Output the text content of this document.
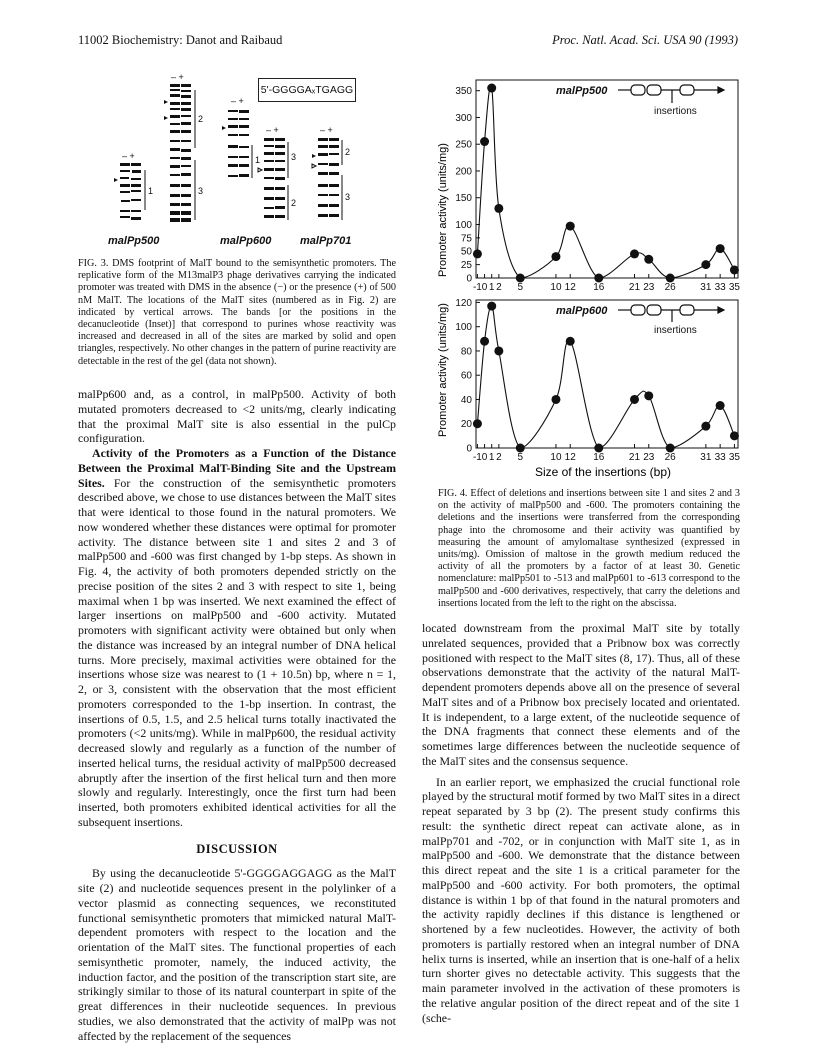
11002 Biochemistry: Danot and Raibaud	Proc. Natl. Acad. Sci. USA 90 (1993)
– +
1
– +
2
3
– +
1
– +
3
2
– +
2
3
5'-GGGGAₓTGAGG
malPp500	malPp600	malPp701

FIG. 3. DMS footprint of MalT bound to the semisynthetic promoters. The replicative form of the M13malP3 phage derivatives carrying the indicated promoter was treated with DMS in the absence (−) or the presence (+) of 500 nM MalT. The locations of the MalT sites (numbered as in Fig. 2) are indicated by vertical arrows. The bands [or the positions in the decanucleotide (Inset)] that correspond to purines whose reactivity was increased and decreased in all of the sites are marked by solid and open triangles, respectively. No other changes in the pattern of purine reactivity are detectable in the rest of the gel (data not shown).

malPp600 and, as a control, in malPp500. Activity of both mutated promoters decreased to <2 units/mg, clearly indicating that the proximal MalT site is also essential in the pulCp configuration.

Activity of the Promoters as a Function of the Distance Between the Proximal MalT-Binding Site and the Upstream Sites. For the construction of the semisynthetic promoters described above, we chose to use distances between the MalT sites that were identical to those found in the natural promoters. We now wondered whether these distances were optimal for promoter activity. The distance between site 1 and sites 2 and 3 of malPp500 and -600 was first changed by 1-bp steps. As shown in Fig. 4, the activity of both promoters depended strictly on the precise position of the sites 2 and 3 with respect to site 1, being maximal when 1 bp was inserted. We next examined the effect of larger insertions on malPp500 and -600 activity. Mutated promoters with significant activity were obtained but only when the distance was increased by an integral number of DNA helical turns. More precisely, maximal activities were obtained for the insertions whose size was nearest to (1 + 10.5n) bp, where n = 1, 2, or 3, consistent with the observation that the most efficient promoters corresponded to the 1-bp insertion. In contrast, the insertions of 0.5, 1.5, and 2.5 helical turns totally inactivated the promoters (<2 units/mg). While in malPp600, the residual activity decreased slowly and regularly as a function of the number of inserted helical turns, the residual activity of malPp500 decreased abruptly after the insertion of the first helical turn and then more slowly and regularly. Interestingly, once the first turn had been inserted, both promoters exhibited identical activities for all the subsequent insertions.

DISCUSSION

By using the decanucleotide 5'-GGGGAGGAGG as the MalT site (2) and nucleotide sequences present in the polylinker of a vector plasmid as connecting sequences, we reconstituted functional semisynthetic promoters that mimicked natural MalT-dependent promoters with respect to the location and the orientation of the MalT sites. The functional properties of each semisynthetic promoter, namely, the induced activity, the induction factor, and the position of the transcription start site, are strikingly similar to those of its natural counterpart in spite of the great differences in their nucleotide sequences. In previous studies, we also demonstrated that the activity of malPp was not affected by the replacement of the sequences

Promoter activity (units/mg)
Promoter activity (units/mg)
malPp500
insertions
malPp600
insertions
0
25
50
75
100
150
200
250
300
350
-1 0 1 2 5	10 12 16 21 23 26 31 33 35
0
20
40
60
80
100
120
-1 0 1 2 5	10 12 16 21 23 26 31 33 35
Size of the insertions (bp)

FIG. 4. Effect of deletions and insertions between site 1 and sites 2 and 3 on the activity of malPp500 and -600. The promoters containing the deletions and the insertions were transferred from the corresponding phage into the chromosome and their activity was quantified by measuring the amount of amylomaltase synthesized (expressed in units/mg). Omission of maltose in the growth medium reduced the activity of all the promoters by a factor of at least 30. Genetic nomenclature: malPp501 to -513 and malPp601 to -613 correspond to the malPp500 and -600 derivatives, respectively, that carry the deletions and insertions located from the left to the right on the abscissa.

located downstream from the proximal MalT site by totally unrelated sequences, provided that a Pribnow box was correctly positioned with respect to the MalT sites (8, 17). Thus, all of these observations demonstrate that the activity of the natural MalT-dependent promoters depends above all on the presence of several MalT sites and of a Pribnow box precisely located and orientated. It is independent, to a large extent, of the nucleotide sequence of the DNA fragments that connect these elements and of the sometimes large differences between the nucleotide sequence of the MalT sites and the consensus sequence.

In an earlier report, we emphasized the crucial functional role played by the structural motif formed by two MalT sites in a direct repeat separated by 3 bp (2). The present study confirms this result: the synthetic direct repeat can activate alone, as in malPp701 and -702, or in conjunction with MalT site 1, as in malPp500 and -600. We demonstrate that the distance between this direct repeat and the site 1 is a critical parameter for the malPp500 and -600 activity. For both promoters, the optimal distance is within 1 bp of that found in the natural promoters and the activity rapidly declines if this distance is lengthened or shortened by a few nucleotides. However, the activity of both promoters is partially restored when an integral number of DNA helix turns is inserted, while an insertion that is one-half of a helix turn shorter gives no detectable activity. This suggests that the main parameter involved in the activation of these promoters is the relative angular position of the direct repeat and of the site 1 (sche-
